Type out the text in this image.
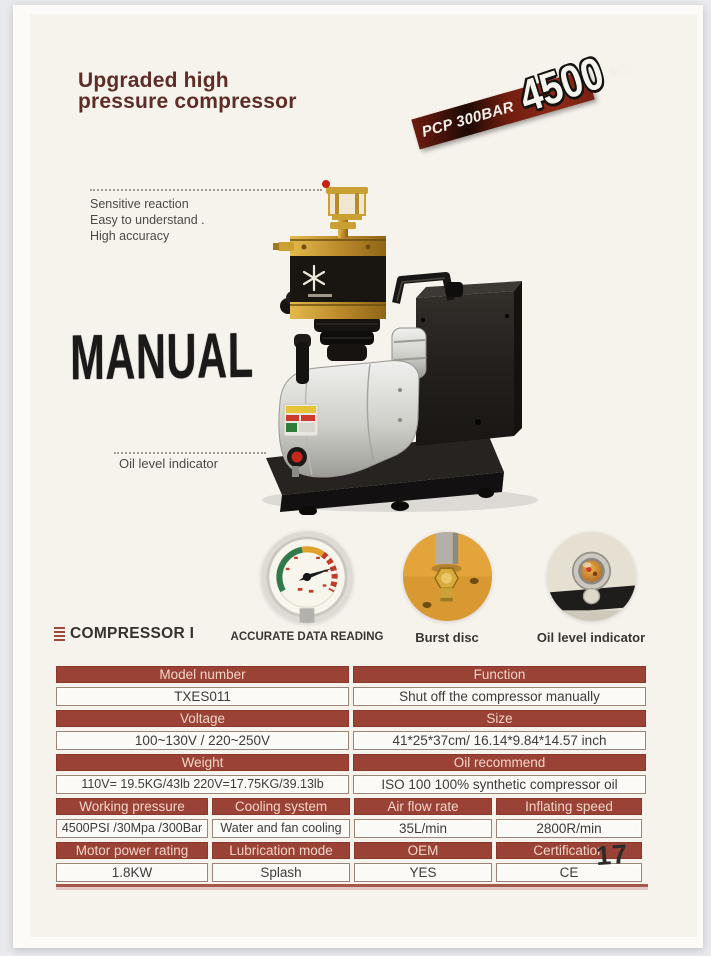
Upgraded high
pressure compressor	PCP 300BAR
4500 PSI
Sensitive reaction
Easy to understand .
High accuracy
MANUAL
Oil level indicator
ACCURATE DATA READING	Burst disc	Oil level indicator
COMPRESSOR I
Model number	Function
TXES011	Shut off the compressor manually
Voltage	Size
100~130V / 220~250V	41*25*37cm/ 16.14*9.84*14.57 inch
Weight	Oil recommend
110V= 19.5KG/43lb 220V=17.75KG/39.13lb	ISO 100 100% synthetic compressor oil
Working pressure	Cooling system	Air flow rate	Inflating speed
4500PSI /30Mpa /300Bar	Water and fan cooling	35L/min	2800R/min
Motor power rating	Lubrication mode	OEM	Certification
1.8KW	Splash	YES	CE
17
